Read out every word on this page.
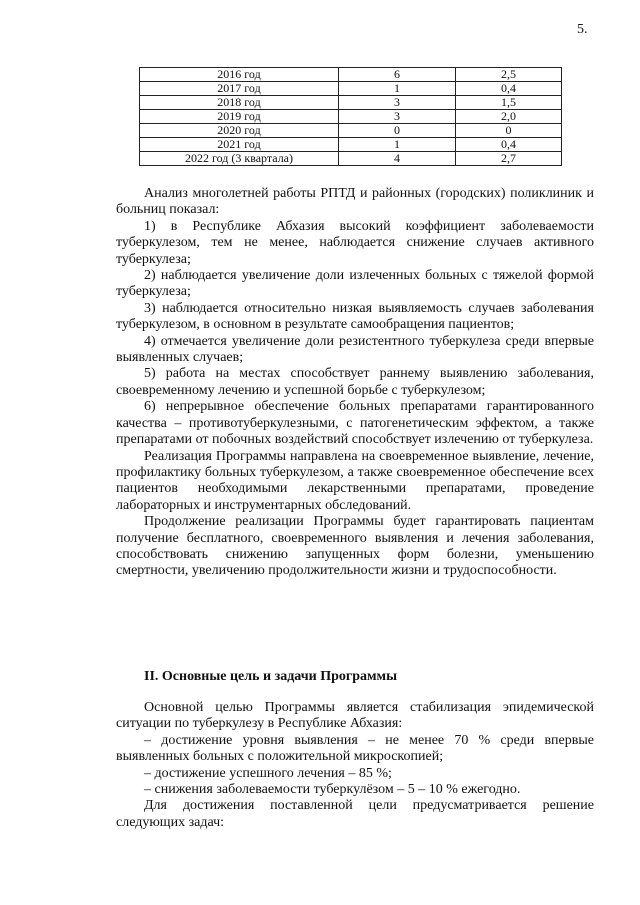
5.
2016 год	6	2,5
2017 год	1	0,4
2018 год	3	1,5
2019 год	3	2,0
2020 год	0	0
2021 год	1	0,4
2022 год (3 квартала)	4	2,7

Анализ многолетней работы РПТД и районных (городских) поликлиник и больниц показал:

1) в Республике Абхазия высокий коэффициент заболеваемости туберкулезом, тем не менее, наблюдается снижение случаев активного туберкулеза;

2) наблюдается увеличение доли излеченных больных с тяжелой формой туберкулеза;

3) наблюдается относительно низкая выявляемость случаев заболевания туберкулезом, в основном в результате самообращения пациентов;

4) отмечается увеличение доли резистентного туберкулеза среди впервые выявленных случаев;

5) работа на местах способствует раннему выявлению заболевания, своевременному лечению и успешной борьбе с туберкулезом;

6) непрерывное обеспечение больных препаратами гарантированного качества – противотуберкулезными, с патогенетическим эффектом, а также препаратами от побочных воздействий способствует излечению от туберкулеза.

Реализация Программы направлена на своевременное выявление, лечение, профилактику больных туберкулезом, а также своевременное обеспечение всех пациентов необходимыми лекарственными препаратами, проведение лабораторных и инструментарных обследований.

Продолжение реализации Программы будет гарантировать пациентам получение бесплатного, своевременного выявления и лечения заболевания, способствовать снижению запущенных форм болезни, уменьшению смертности, увеличению продолжительности жизни и трудоспособности.

II. Основные цель и задачи Программы

Основной целью Программы является стабилизация эпидемической ситуации по туберкулезу в Республике Абхазия:

– достижение уровня выявления – не менее 70 % среди впервые выявленных больных с положительной микроскопией;

– достижение успешного лечения – 85 %;

– снижения заболеваемости туберкулёзом – 5 – 10 % ежегодно.

Для достижения поставленной цели предусматривается решение следующих задач:
